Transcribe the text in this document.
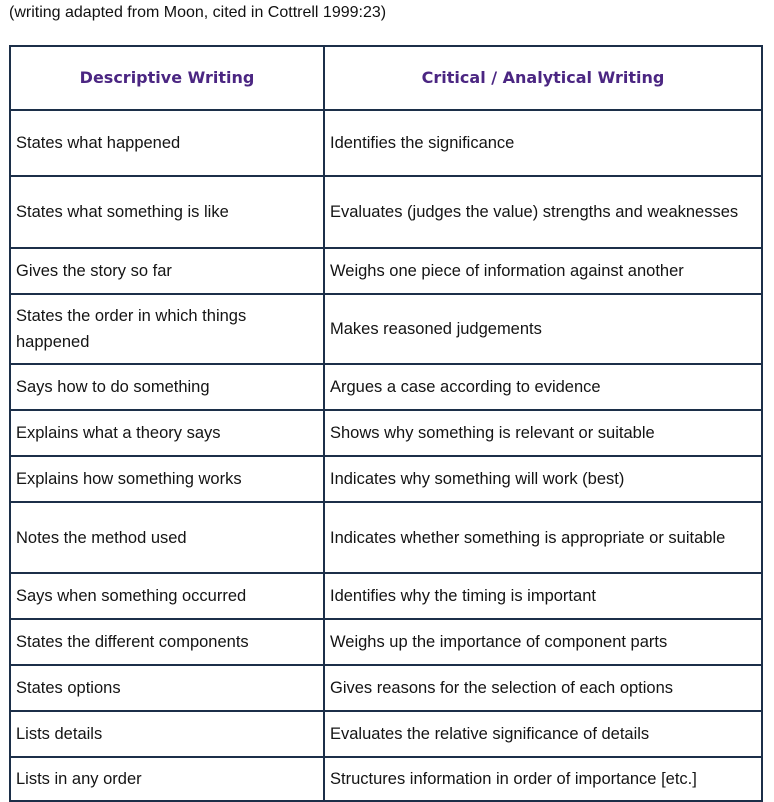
(writing adapted from Moon, cited in Cottrell 1999:23)
Descriptive Writing	Critical / Analytical Writing
States what happened	Identifies the significance
States what something is like	Evaluates (judges the value) strengths and weaknesses
Gives the story so far	Weighs one piece of information against another
States the order in which things happened	Makes reasoned judgements
Says how to do something	Argues a case according to evidence
Explains what a theory says	Shows why something is relevant or suitable
Explains how something works	Indicates why something will work (best)
Notes the method used	Indicates whether something is appropriate or suitable
Says when something occurred	Identifies why the timing is important
States the different components	Weighs up the importance of component parts
States options	Gives reasons for the selection of each options
Lists details	Evaluates the relative significance of details
Lists in any order	Structures information in order of importance [etc.]
